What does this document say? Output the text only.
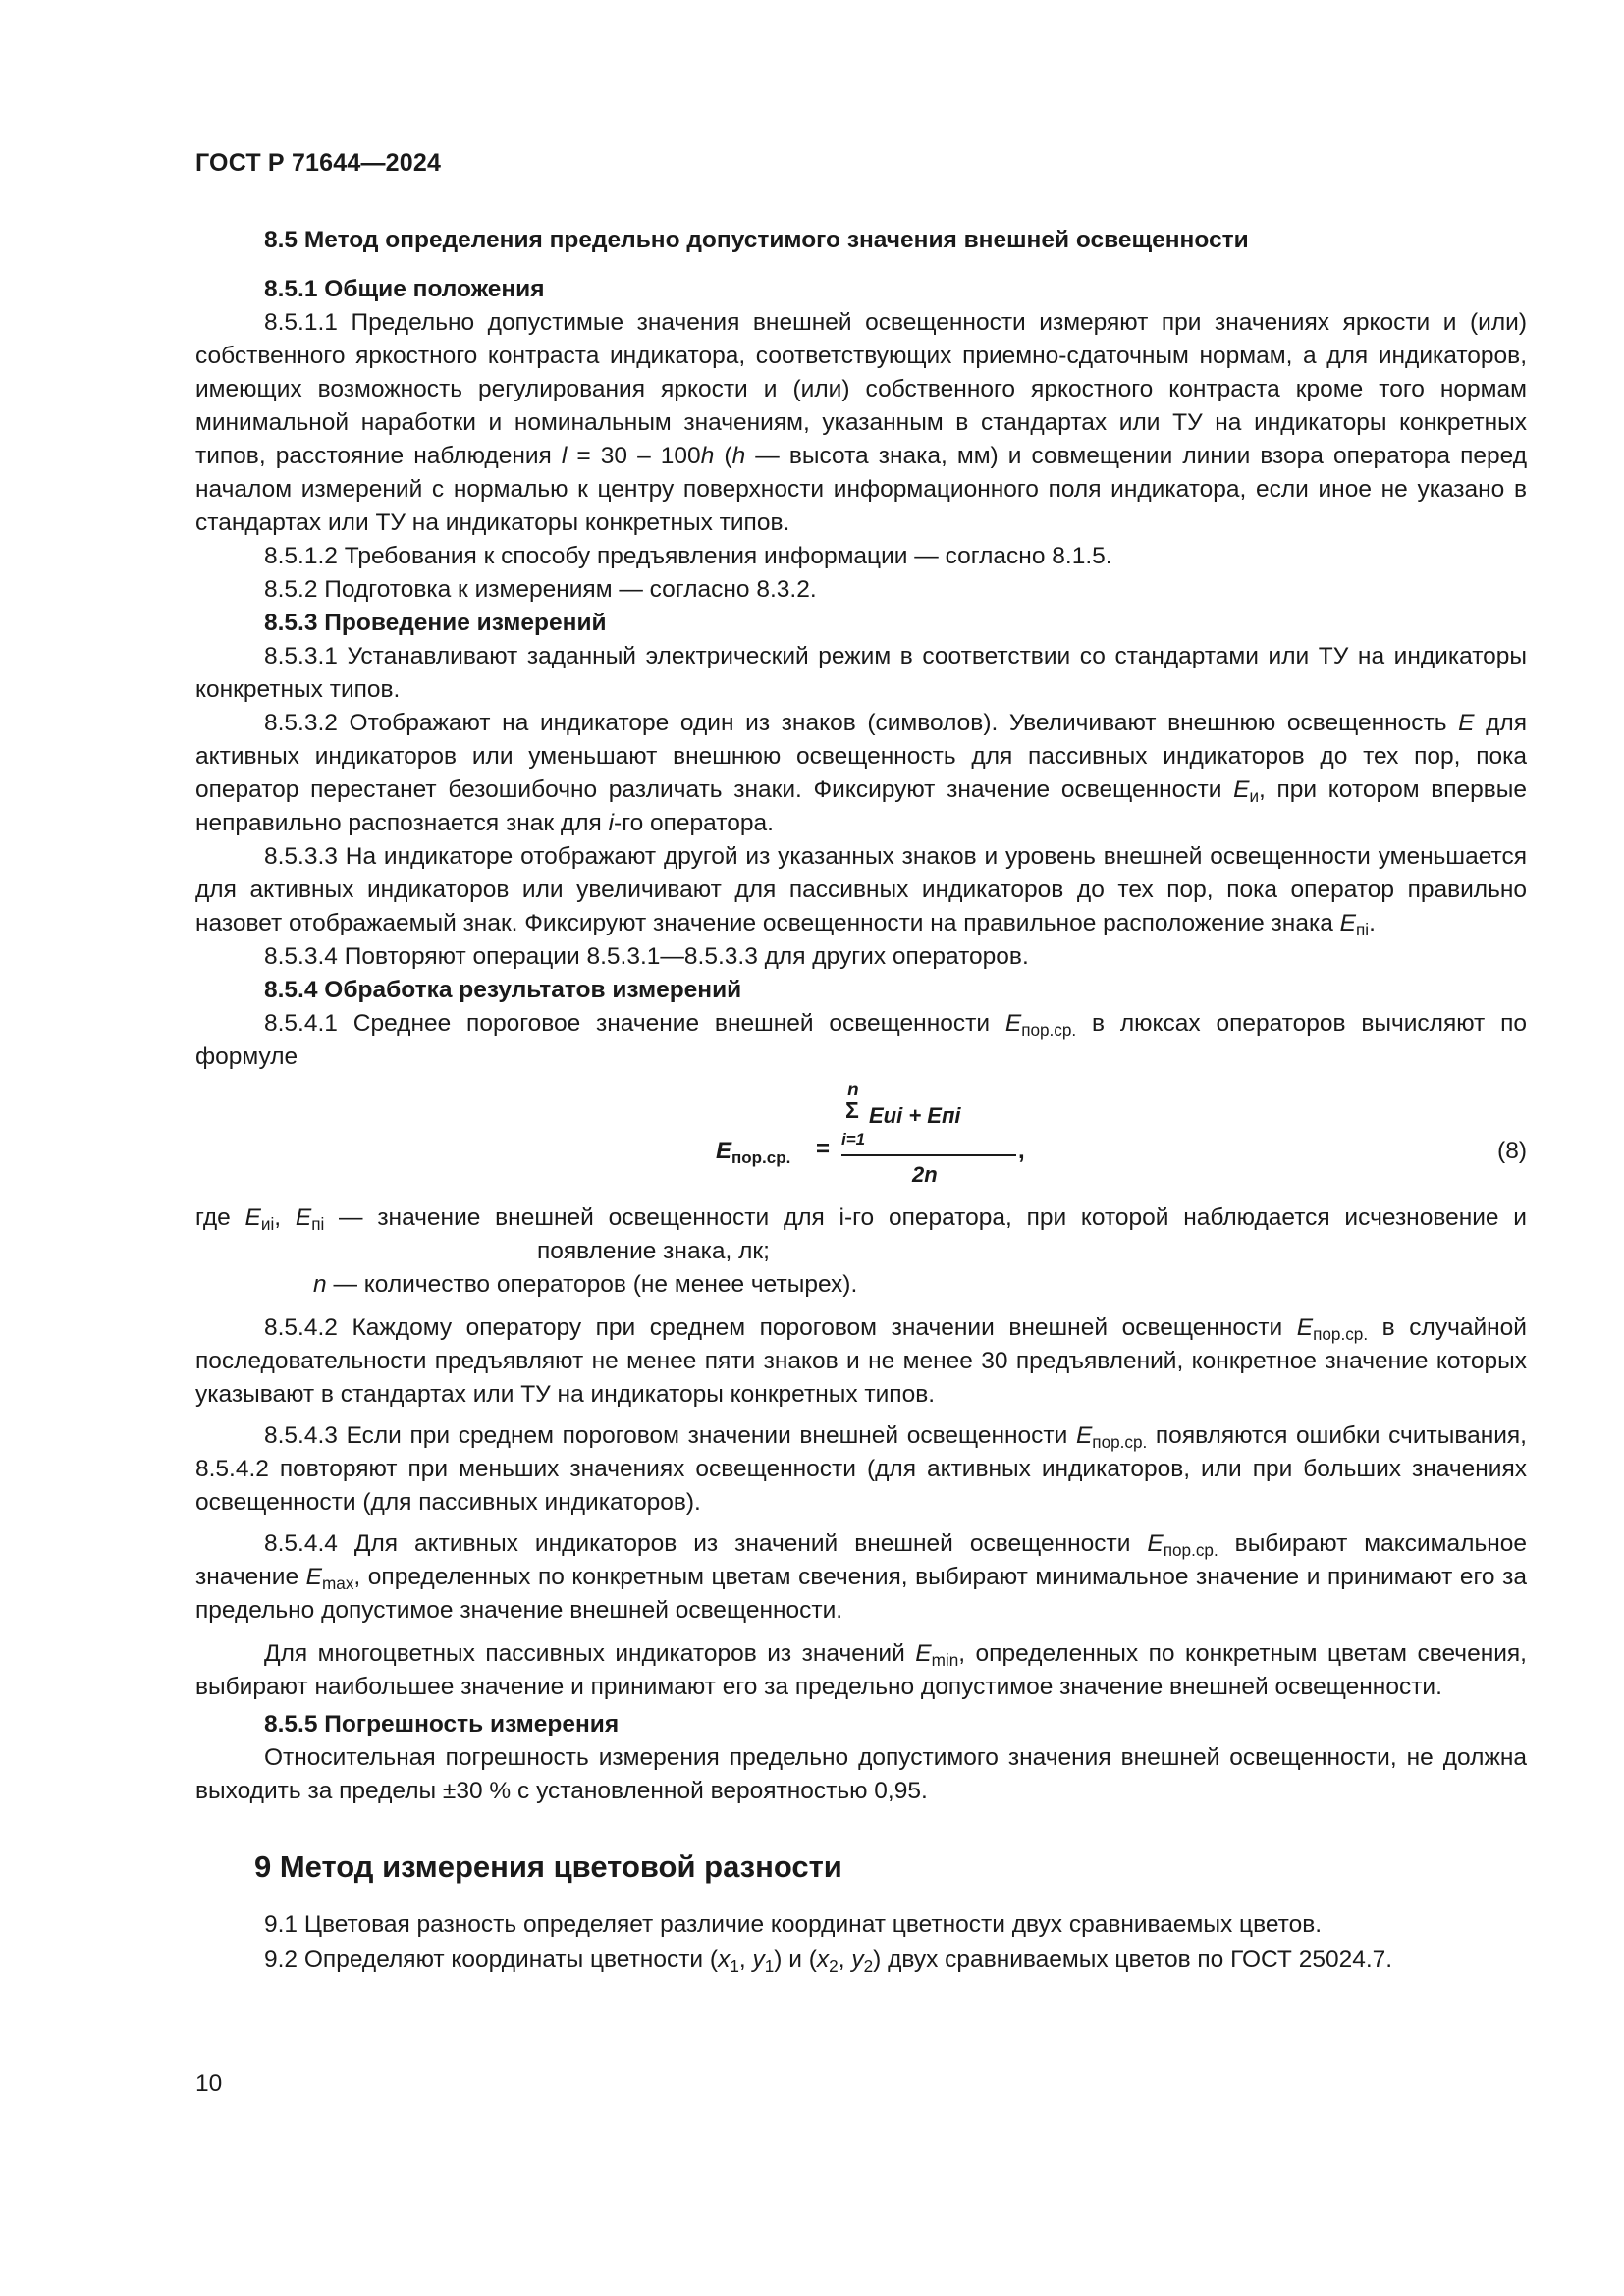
ГОСТ Р 71644—2024

8.5 Метод определения предельно допустимого значения внешней освещенности

8.5.1 Общие положения

8.5.1.1 Предельно допустимые значения внешней освещенности измеряют при значениях яркости и (или) собственного яркостного контраста индикатора, соответствующих приемно-сдаточным нормам, а для индикаторов, имеющих возможность регулирования яркости и (или) собственного яркостного контраста кроме того нормам минимальной наработки и номинальным значениям, указанным в стандартах или ТУ на индикаторы конкретных типов, расстояние наблюдения l = 30 – 100h (h — высота знака, мм) и совмещении линии взора оператора перед началом измерений с нормалью к центру поверхности информационного поля индикатора, если иное не указано в стандартах или ТУ на индикаторы конкретных типов.

8.5.1.2 Требования к способу предъявления информации — согласно 8.1.5.

8.5.2 Подготовка к измерениям — согласно 8.3.2.

8.5.3 Проведение измерений

8.5.3.1 Устанавливают заданный электрический режим в соответствии со стандартами или ТУ на индикаторы конкретных типов.

8.5.3.2 Отображают на индикаторе один из знаков (символов). Увеличивают внешнюю освещенность E для активных индикаторов или уменьшают внешнюю освещенность для пассивных индикаторов до тех пор, пока оператор перестанет безошибочно различать знаки. Фиксируют значение освещенности $E_и$, при котором впервые неправильно распознается знак для i-го оператора.

8.5.3.3 На индикаторе отображают другой из указанных знаков и уровень внешней освещенности уменьшается для активных индикаторов или увеличивают для пассивных индикаторов до тех пор, пока оператор правильно назовет отображаемый знак. Фиксируют значение освещенности на правильное расположение знака $E_{пi}$.

8.5.3.4 Повторяют операции 8.5.3.1—8.5.3.3 для других операторов.

8.5.4 Обработка результатов измерений

8.5.4.1 Среднее пороговое значение внешней освещенности $E_{пор.ср.}$ в люксах операторов вычисляют по формуле

$E_{пор.ср.}$ =
n
Σ Eиi + Eпi
i=1
2n
,	(8)

где $E_{иi}$, $E_{пi}$ — значение внешней освещенности для i-го оператора, при которой наблюдается исчезновение и появление знака, лк;

n — количество операторов (не менее четырех).

8.5.4.2 Каждому оператору при среднем пороговом значении внешней освещенности $E_{пор.ср.}$ в случайной последовательности предъявляют не менее пяти знаков и не менее 30 предъявлений, конкретное значение которых указывают в стандартах или ТУ на индикаторы конкретных типов.

8.5.4.3 Если при среднем пороговом значении внешней освещенности $E_{пор.ср.}$ появляются ошибки считывания, 8.5.4.2 повторяют при меньших значениях освещенности (для активных индикаторов, или при больших значениях освещенности (для пассивных индикаторов).

8.5.4.4 Для активных индикаторов из значений внешней освещенности $E_{пор.ср.}$ выбирают максимальное значение $E_{max}$, определенных по конкретным цветам свечения, выбирают минимальное значение и принимают его за предельно допустимое значение внешней освещенности.

Для многоцветных пассивных индикаторов из значений $E_{min}$, определенных по конкретным цветам свечения, выбирают наибольшее значение и принимают его за предельно допустимое значение внешней освещенности.

8.5.5 Погрешность измерения

Относительная погрешность измерения предельно допустимого значения внешней освещенности, не должна выходить за пределы ±30 % с установленной вероятностью 0,95.

9 Метод измерения цветовой разности

9.1 Цветовая разность определяет различие координат цветности двух сравниваемых цветов.

9.2 Определяют координаты цветности ($x_1$, $y_1$) и ($x_2$, $y_2$) двух сравниваемых цветов по ГОСТ 25024.7.

10
